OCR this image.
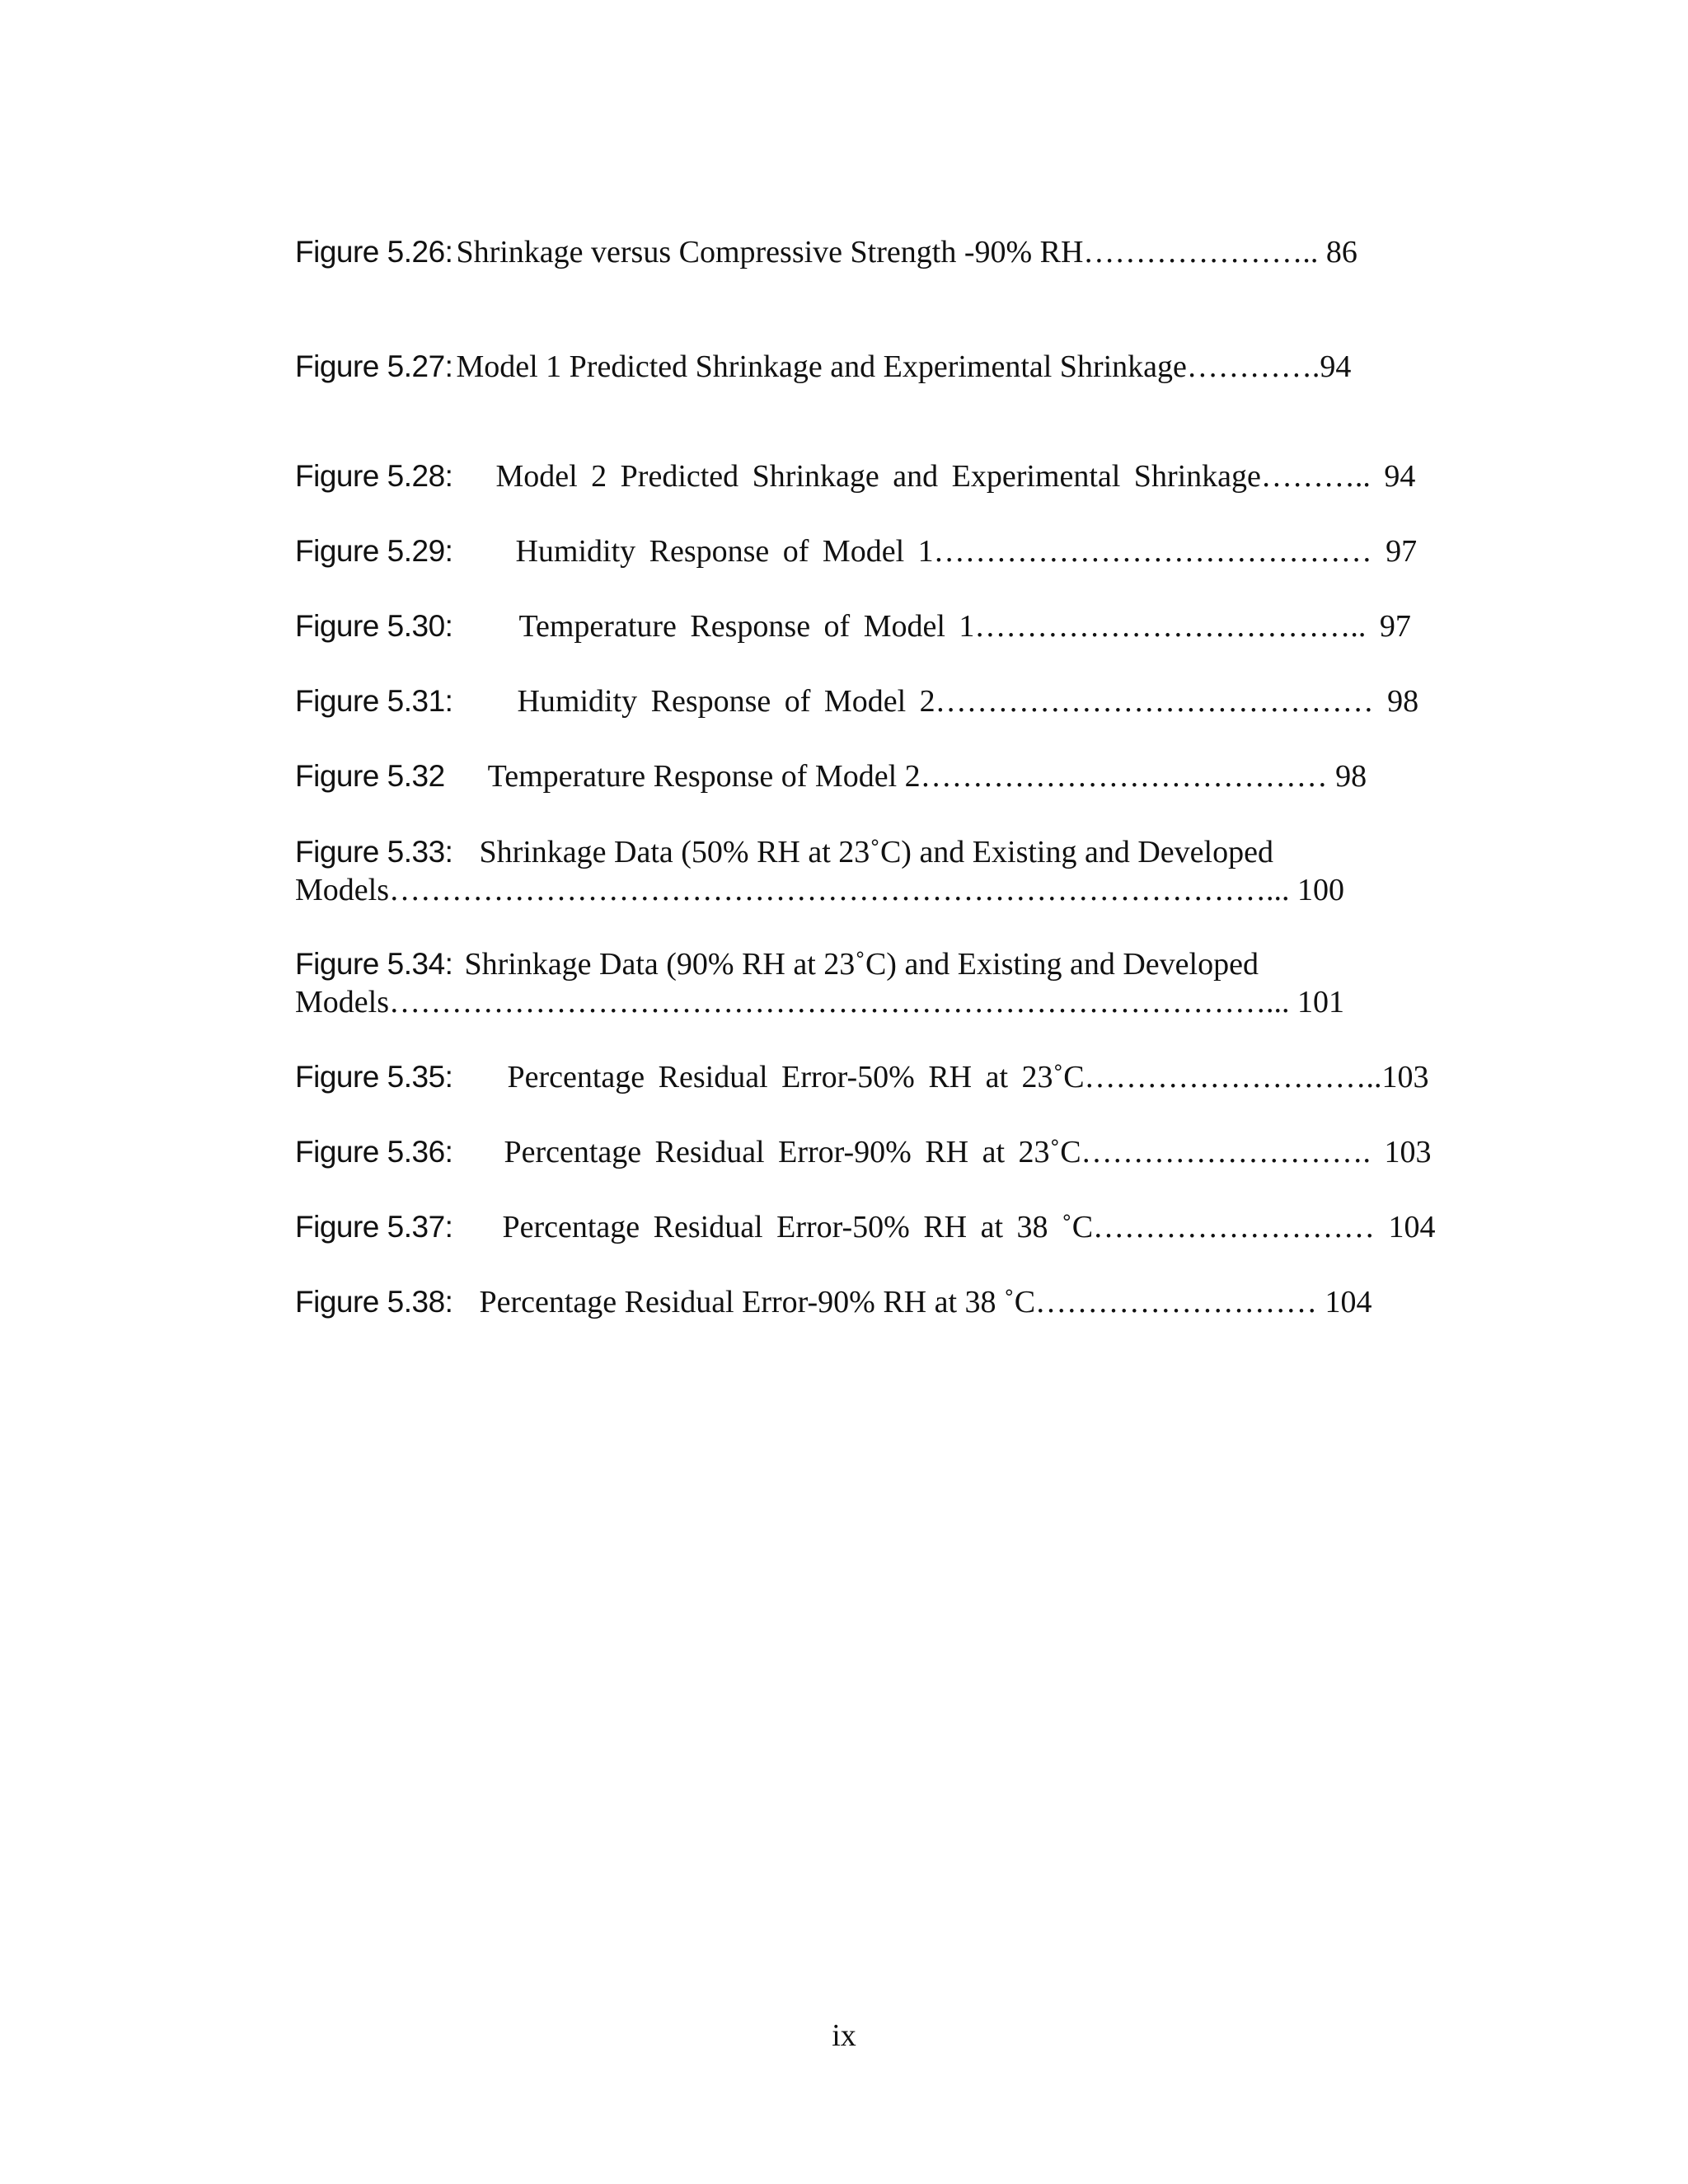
Figure 5.26: Shrinkage versus Compressive Strength -90% RH………………….. 86

Figure 5.27: Model 1 Predicted Shrinkage and Experimental Shrinkage………….94

Figure 5.28: Model 2 Predicted Shrinkage and Experimental Shrinkage……….. 94

Figure 5.29: Humidity Response of Model 1…………………………………… 97

Figure 5.30: Temperature Response of Model 1……………………………….. 97

Figure 5.31: Humidity Response of Model 2…………………………………… 98

Figure 5.32 Temperature Response of Model 2………………………………… 98

Figure 5.33: Shrinkage Data (50% RH at 23˚C) and Existing and Developed

Models…………………………………………………………………………... 100

Figure 5.34: Shrinkage Data (90% RH at 23˚C) and Existing and Developed

Models…………………………………………………………………………... 101

Figure 5.35: Percentage Residual Error-50% RH at 23˚C………………………..103

Figure 5.36: Percentage Residual Error-90% RH at 23˚C………………………. 103

Figure 5.37: Percentage Residual Error-50% RH at 38 ˚C……………………… 104

Figure 5.38: Percentage Residual Error-90% RH at 38 ˚C……………………… 104

ix
